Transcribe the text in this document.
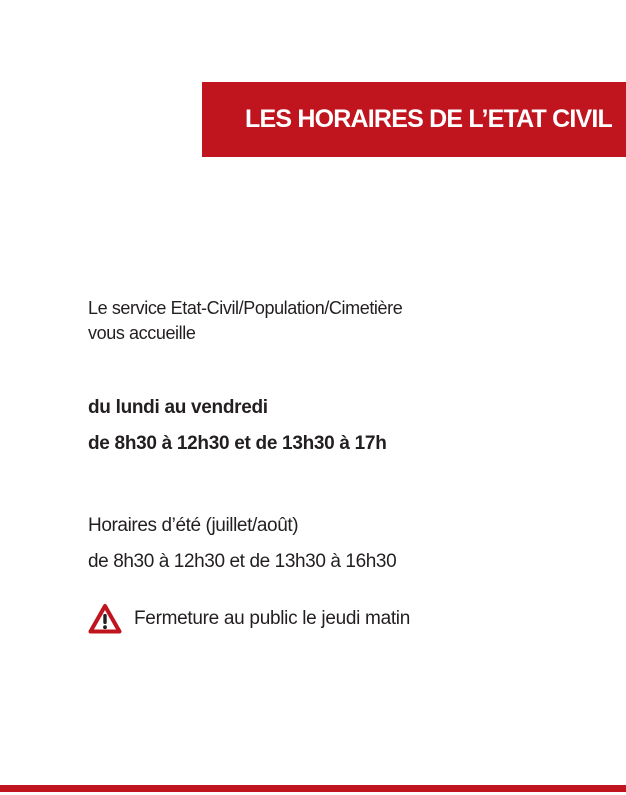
LES HORAIRES DE L’ETAT CIVIL
Le service Etat-Civil/Population/Cimetière
vous accueille
du lundi au vendredi
de 8h30 à 12h30 et de 13h30 à 17h
Horaires d’été (juillet/août)
de 8h30 à 12h30 et de 13h30 à 16h30
Fermeture au public le jeudi matin
